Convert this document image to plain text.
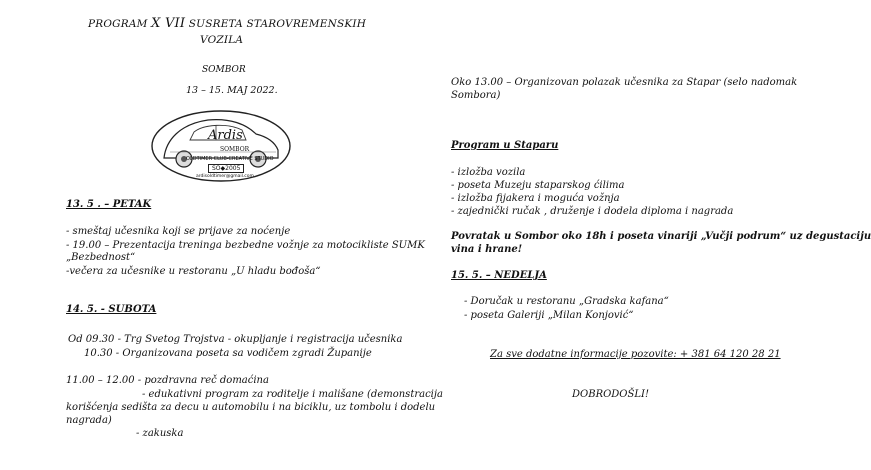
PROGRAM X VII SUSRETA STAROVREMENSKIH
VOZILA
SOMBOR
13 – 15. MAJ 2022.
Ardis
SOMBOR
OLDTIMER CLUB-CREATIVE STUDIO
SO◆2005
ardisoldtimer@gmail.com
13. 5 . – PETAK
- smeštaj učesnika koji se prijave za noćenje
- 19.00 – Prezentacija treninga bezbedne vožnje za motocikliste SUMK
„Bezbednost“
-večera za učesnike u restoranu „U hladu bođoša“
14. 5. - SUBOTA
Od 09.30 - Trg Svetog Trojstva - okupljanje i registracija učesnika
10.30 - Organizovana poseta sa vodičem zgradi Županije
11.00 – 12.00 - pozdravna reč domaćina
- edukativni program za roditelje i mališane (demonstracija
korišćenja sedišta za decu u automobilu i na biciklu, uz tombolu i dodelu
nagrada)
- zakuska
Oko 13.00 – Organizovan polazak učesnika za Stapar (selo nadomak
Sombora)
Program u Staparu
- izložba vozila
- poseta Muzeju staparskog ćilima
- izložba fijakera i moguća vožnja
- zajednički ručak , druženje i dodela diploma i nagrada
Povratak u Sombor oko 18h i poseta vinariji „Vučji podrum“ uz degustaciju
vina i hrane!
15. 5. – NEDELJA
- Doručak u restoranu „Gradska kafana“
- poseta Galeriji „Milan Konjović“
Za sve dodatne informacije pozovite: + 381 64 120 28 21
DOBRODOŠLI!
